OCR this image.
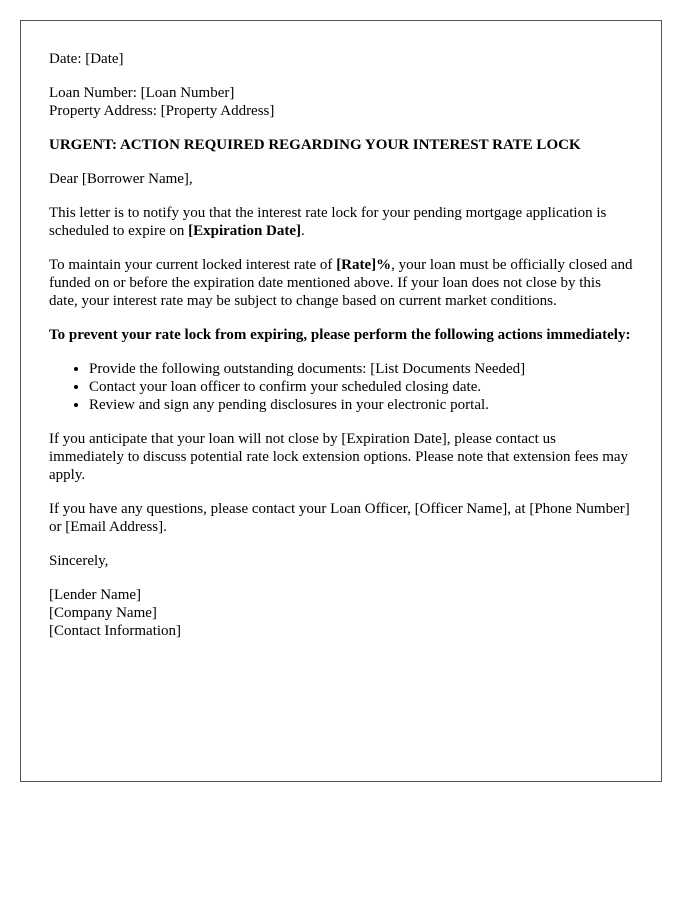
Date: [Date]

Loan Number: [Loan Number]

Property Address: [Property Address]

URGENT: ACTION REQUIRED REGARDING YOUR INTEREST RATE LOCK

Dear [Borrower Name],

This letter is to notify you that the interest rate lock for your pending mortgage application is scheduled to expire on [Expiration Date].

To maintain your current locked interest rate of [Rate]%, your loan must be officially closed and funded on or before the expiration date mentioned above. If your loan does not close by this date, your interest rate may be subject to change based on current market conditions.

To prevent your rate lock from expiring, please perform the following actions immediately:

• Provide the following outstanding documents: [List Documents Needed]
• Contact your loan officer to confirm your scheduled closing date.
• Review and sign any pending disclosures in your electronic portal.

If you anticipate that your loan will not close by [Expiration Date], please contact us immediately to discuss potential rate lock extension options. Please note that extension fees may apply.

If you have any questions, please contact your Loan Officer, [Officer Name], at [Phone Number] or [Email Address].

Sincerely,

[Lender Name]

[Company Name]

[Contact Information]
